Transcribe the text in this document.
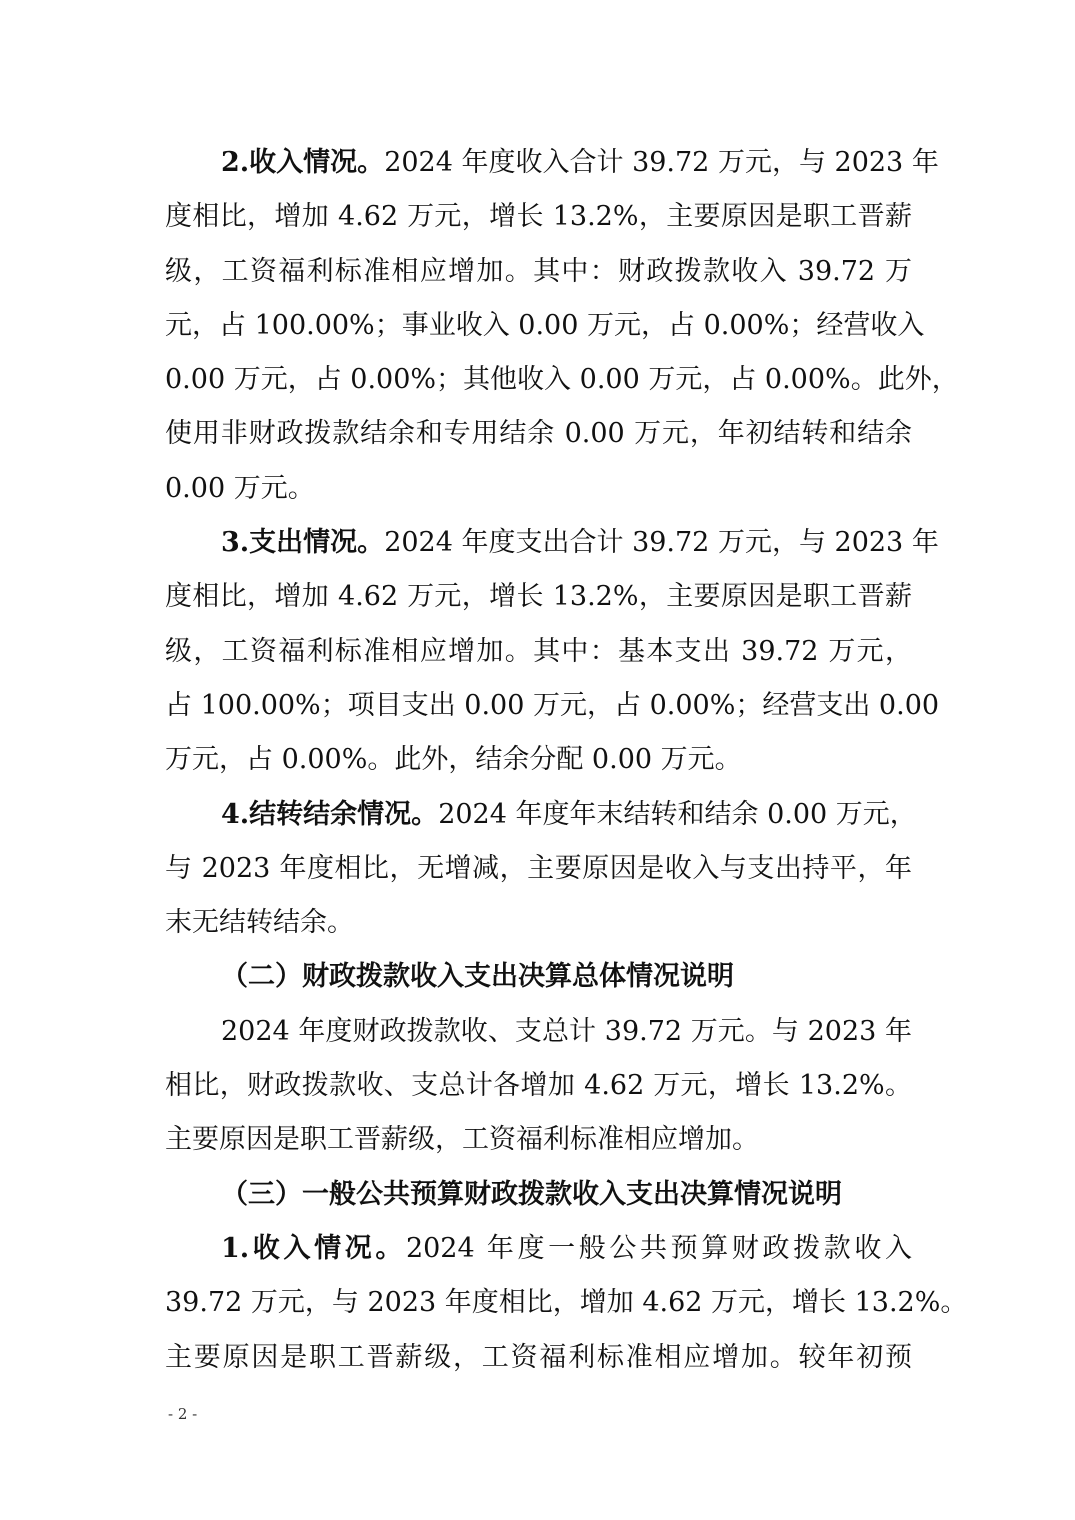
2.收入情况。2024 年度收入合计 39.72 万元，与 2023 年
度相比，增加 4.62 万元，增长 13.2%，主要原因是职工晋薪
级，工资福利标准相应增加。其中：财政拨款收入 39.72 万
元，占 100.00%；事业收入 0.00 万元，占 0.00%；经营收入
0.00 万元，占 0.00%；其他收入 0.00 万元，占 0.00%。此外，
使用非财政拨款结余和专用结余 0.00 万元，年初结转和结余
0.00 万元。
3.支出情况。2024 年度支出合计 39.72 万元，与 2023 年
度相比，增加 4.62 万元，增长 13.2%，主要原因是职工晋薪
级，工资福利标准相应增加。其中：基本支出 39.72 万元，
占 100.00%；项目支出 0.00 万元，占 0.00%；经营支出 0.00
万元，占 0.00%。此外，结余分配 0.00 万元。
4.结转结余情况。2024 年度年末结转和结余 0.00 万元，
与 2023 年度相比，无增减，主要原因是收入与支出持平，年
末无结转结余。
（二）财政拨款收入支出决算总体情况说明
2024 年度财政拨款收、支总计 39.72 万元。与 2023 年
相比，财政拨款收、支总计各增加 4.62 万元，增长 13.2%。
主要原因是职工晋薪级，工资福利标准相应增加。
（三）一般公共预算财政拨款收入支出决算情况说明
1.收入情况。2024 年度一般公共预算财政拨款收入
39.72 万元，与 2023 年度相比，增加 4.62 万元，增长 13.2%。
主要原因是职工晋薪级，工资福利标准相应增加。较年初预
- 2 -
